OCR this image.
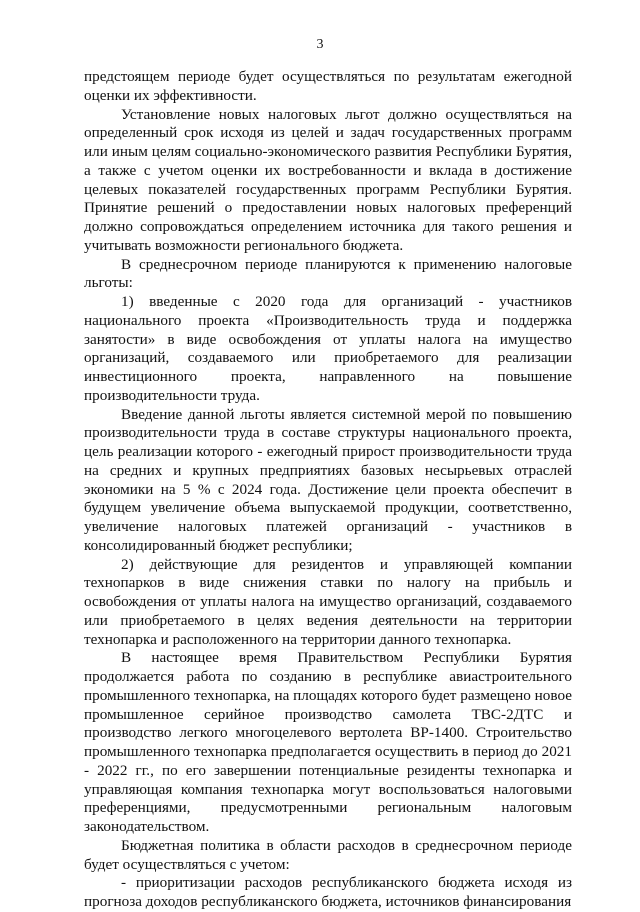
3

предстоящем периоде будет осуществляться по результатам ежегодной оценки их эффективности.

Установление новых налоговых льгот должно осуществляться на определенный срок исходя из целей и задач государственных программ или иным целям социально-экономического развития Республики Бурятия, а также с учетом оценки их востребованности и вклада в достижение целевых показателей государственных программ Республики Бурятия. Принятие решений о предоставлении новых налоговых преференций должно сопровождаться определением источника для такого решения и учитывать возможности регионального бюджета.

В среднесрочном периоде планируются к применению налоговые льготы:

1) введенные с 2020 года для организаций - участников национального проекта «Производительность труда и поддержка занятости» в виде освобождения от уплаты налога на имущество организаций, создаваемого или приобретаемого для реализации инвестиционного проекта, направленного на повышение производительности труда.

Введение данной льготы является системной мерой по повышению производительности труда в составе структуры национального проекта, цель реализации которого - ежегодный прирост производительности труда на средних и крупных предприятиях базовых несырьевых отраслей экономики на 5 % с 2024 года. Достижение цели проекта обеспечит в будущем увеличение объема выпускаемой продукции, соответственно, увеличение налоговых платежей организаций - участников в консолидированный бюджет республики;

2) действующие для резидентов и управляющей компании технопарков в виде снижения ставки по налогу на прибыль и освобождения от уплаты налога на имущество организаций, создаваемого или приобретаемого в целях ведения деятельности на территории технопарка и расположенного на территории данного технопарка.

В настоящее время Правительством Республики Бурятия продолжается работа по созданию в республике авиастроительного промышленного технопарка, на площадях которого будет размещено новое промышленное серийное производство самолета ТВС-2ДТС и производство легкого многоцелевого вертолета ВР-1400. Строительство промышленного технопарка предполагается осуществить в период до 2021 - 2022 гг., по его завершении потенциальные резиденты технопарка и управляющая компания технопарка могут воспользоваться налоговыми преференциями, предусмотренными региональным налоговым законодательством.

Бюджетная политика в области расходов в среднесрочном периоде будет осуществляться с учетом:

- приоритизации расходов республиканского бюджета исходя из прогноза доходов республиканского бюджета, источников финансирования
